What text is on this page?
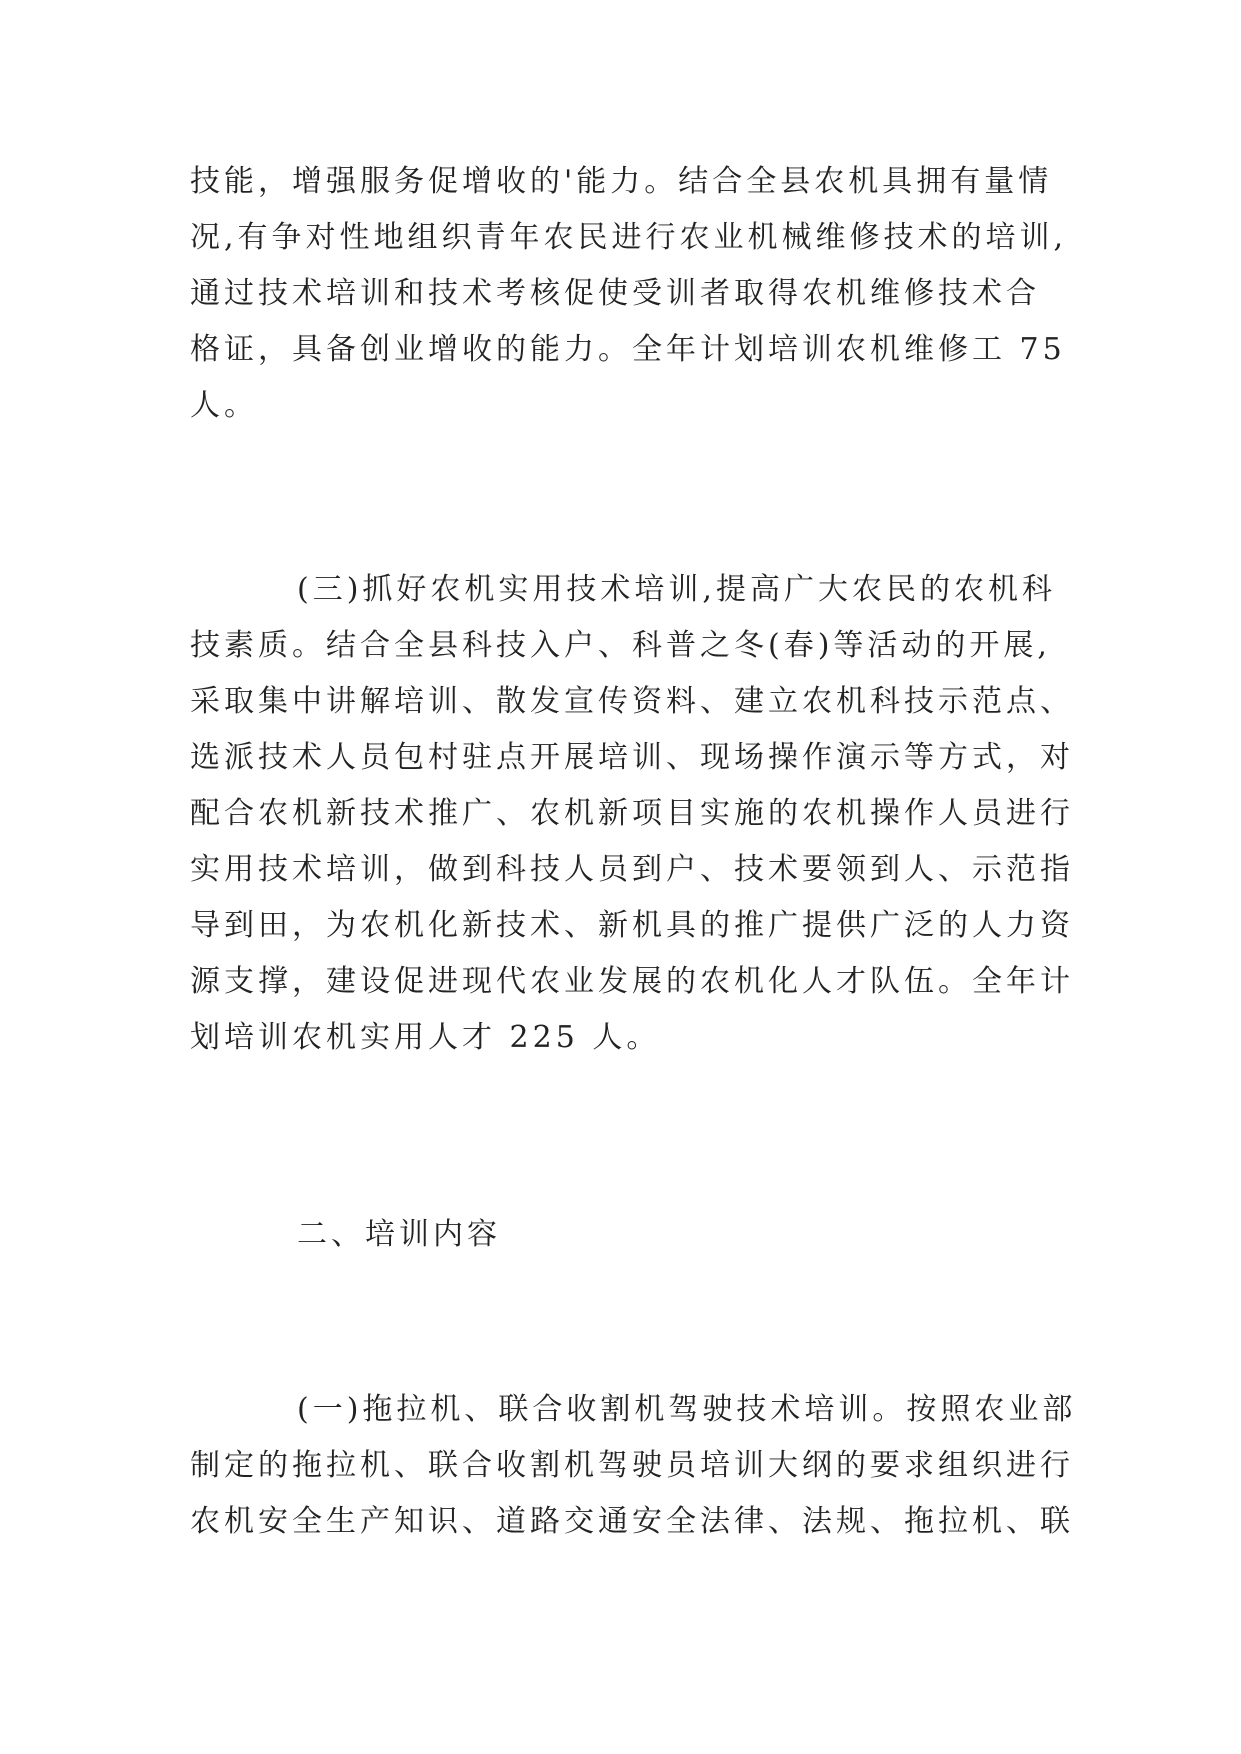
技能，增强服务促增收的'能力。结合全县农机具拥有量情
况,有争对性地组织青年农民进行农业机械维修技术的培训,
通过技术培训和技术考核促使受训者取得农机维修技术合
格证，具备创业增收的能力。全年计划培训农机维修工 75
人。
(三)抓好农机实用技术培训,提高广大农民的农机科
技素质。结合全县科技入户、科普之冬(春)等活动的开展,
采取集中讲解培训、散发宣传资料、建立农机科技示范点、
选派技术人员包村驻点开展培训、现场操作演示等方式，对
配合农机新技术推广、农机新项目实施的农机操作人员进行
实用技术培训，做到科技人员到户、技术要领到人、示范指
导到田，为农机化新技术、新机具的推广提供广泛的人力资
源支撑，建设促进现代农业发展的农机化人才队伍。全年计
划培训农机实用人才 225 人。
二、培训内容
(一)拖拉机、联合收割机驾驶技术培训。按照农业部
制定的拖拉机、联合收割机驾驶员培训大纲的要求组织进行
农机安全生产知识、道路交通安全法律、法规、拖拉机、联
